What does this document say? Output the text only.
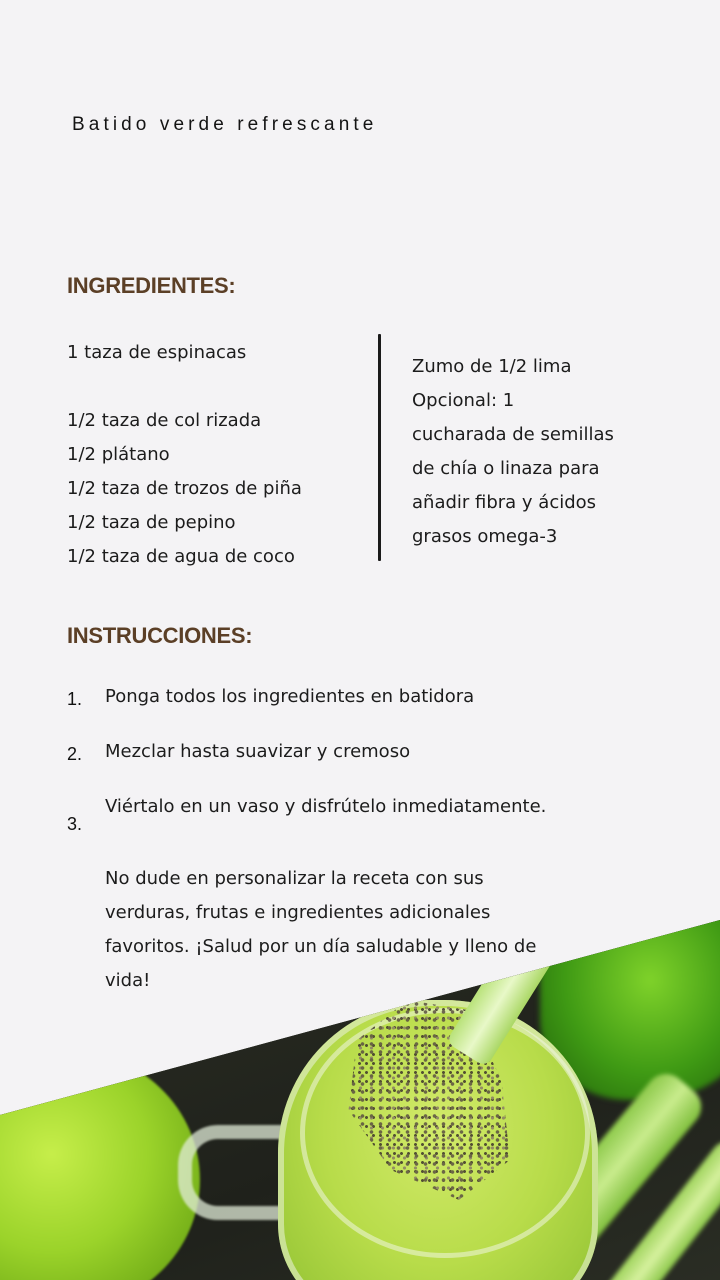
Batido verde refrescante
INGREDIENTES:
1 taza de espinacas
1/2 taza de col rizada
1/2 plátano
1/2 taza de trozos de piña
1/2 taza de pepino
1/2 taza de agua de coco

Zumo de 1/2 lima

Opcional: 1

cucharada de semillas

de chía o linaza para

añadir fibra y ácidos

grasos omega-3

INSTRUCCIONES:
1. Ponga todos los ingredientes en batidora
2. Mezclar hasta suavizar y cremoso
3.
Viértalo en un vaso y disfrútelo inmediatamente.

No dude en personalizar la receta con sus verduras, frutas e ingredientes adicionales favoritos. ¡Salud por un día saludable y lleno de vida!
